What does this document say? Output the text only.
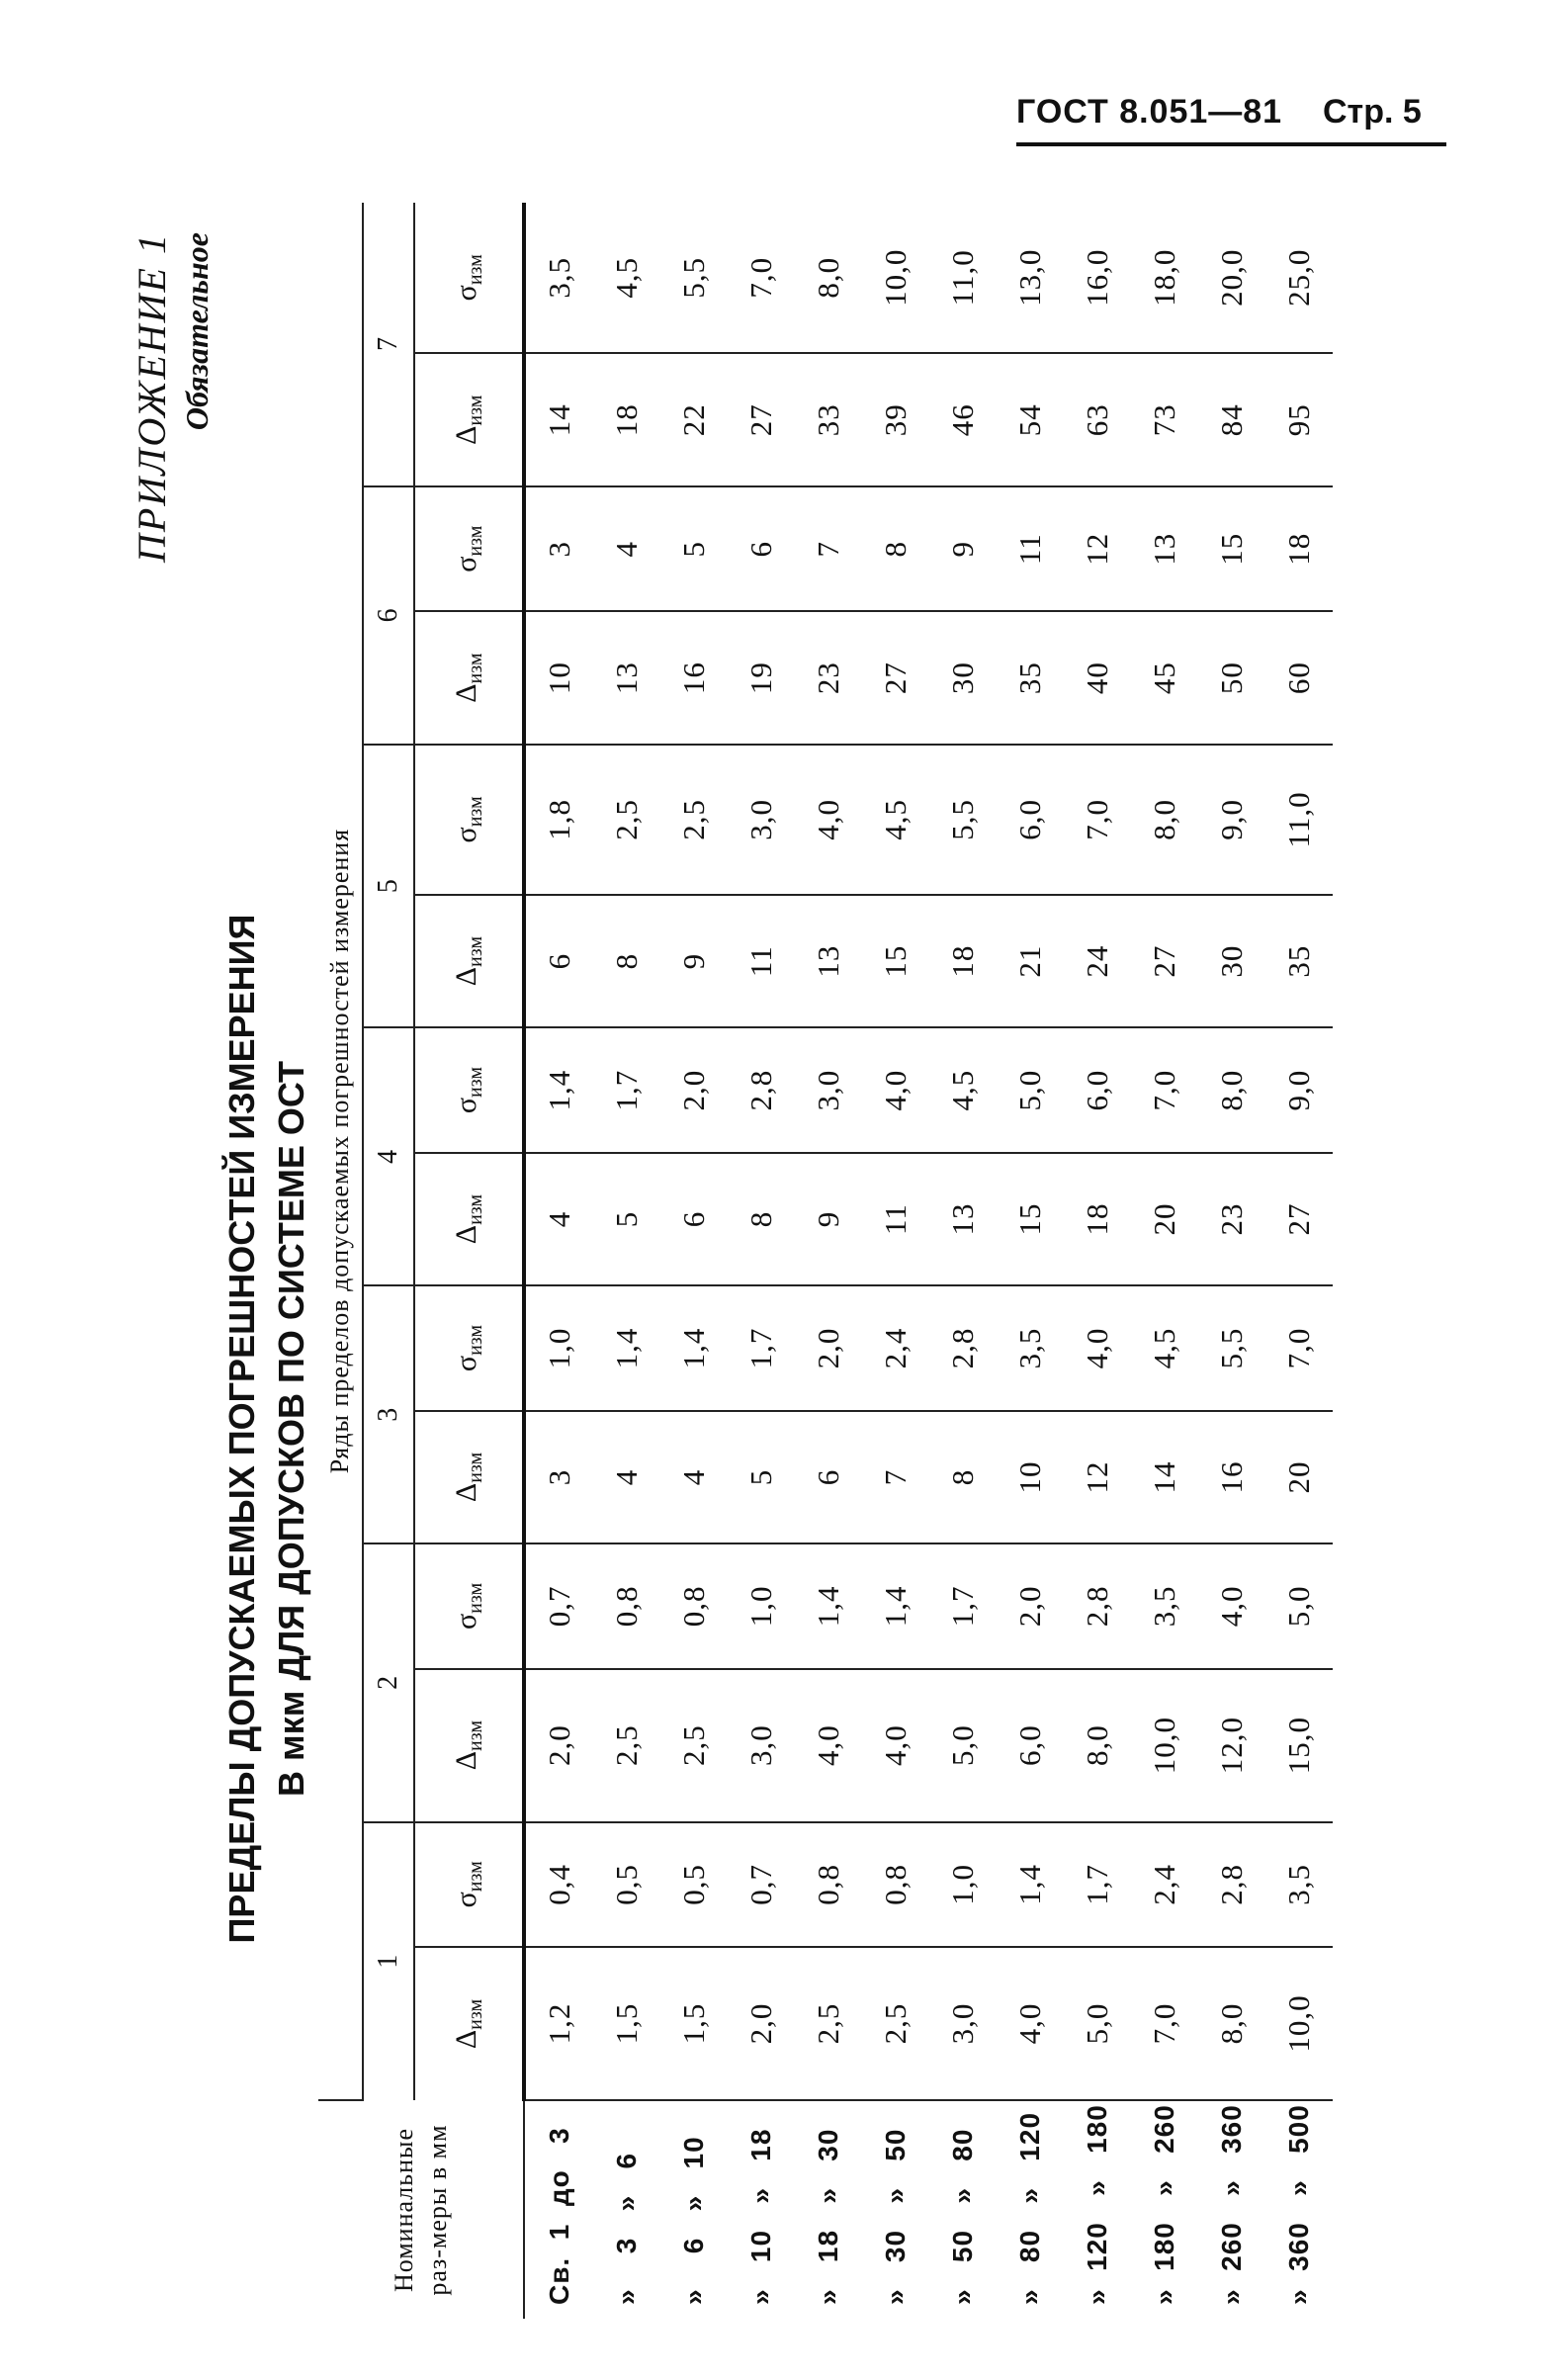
ГОСТ 8.051—81 Стр. 5
ПРИЛОЖЕНИЕ 1 Обязательное
ПРЕДЕЛЫ ДОПУСКАЕМЫХ ПОГРЕШНОСТЕЙ ИЗМЕРЕНИЯ В мкм ДЛЯ ДОПУСКОВ ПО СИСТЕМЕ ОСТ
Номинальные раз-меры в мм	Ряды пределов допускаемых погрешностей измерения													
	1		2		3		4		5		6		7	
	$\Delta_{изм}$	$\sigma_{изм}$	$\Delta_{изм}$	$\sigma_{изм}$	$\Delta_{изм}$	$\sigma_{изм}$	$\Delta_{изм}$	$\sigma_{изм}$	$\Delta_{изм}$	$\sigma_{изм}$	$\Delta_{изм}$	$\sigma_{изм}$	$\Delta_{изм}$	$\sigma_{изм}$
Св.  1  до   3	1,2	0,4	2,0	0,7	3	1,0	4	1,4	6	1,8	10	3	14	3,5
»    3   »   6	1,5	0,5	2,5	0,8	4	1,4	5	1,7	8	2,5	13	4	18	4,5
»    6   »   10	1,5	0,5	2,5	0,8	4	1,4	6	2,0	9	2,5	16	5	22	5,5
»   10   »   18	2,0	0,7	3,0	1,0	5	1,7	8	2,8	11	3,0	19	6	27	7,0
»   18   »   30	2,5	0,8	4,0	1,4	6	2,0	9	3,0	13	4,0	23	7	33	8,0
»   30   »   50	2,5	0,8	4,0	1,4	7	2,4	11	4,0	15	4,5	27	8	39	10,0
»   50   »   80	3,0	1,0	5,0	1,7	8	2,8	13	4,5	18	5,5	30	9	46	11,0
»   80   »   120	4,0	1,4	6,0	2,0	10	3,5	15	5,0	21	6,0	35	11	54	13,0
»  120   »   180	5,0	1,7	8,0	2,8	12	4,0	18	6,0	24	7,0	40	12	63	16,0
»  180   »   260	7,0	2,4	10,0	3,5	14	4,5	20	7,0	27	8,0	45	13	73	18,0
»  260   »   360	8,0	2,8	12,0	4,0	16	5,5	23	8,0	30	9,0	50	15	84	20,0
»  360   »   500	10,0	3,5	15,0	5,0	20	7,0	27	9,0	35	11,0	60	18	95	25,0
